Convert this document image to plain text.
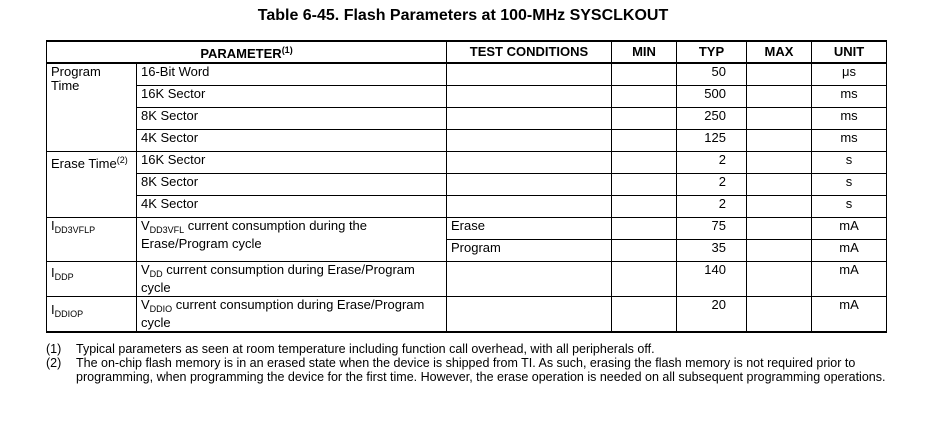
Table 6-45. Flash Parameters at 100-MHz SYSCLKOUT
PARAMETER$^{(1)}$		TEST CONDITIONS	MIN	TYP	MAX	UNIT
Program Time	16-Bit Word			50		μs
	16K Sector			500		ms
	8K Sector			250		ms
	4K Sector			125		ms
Erase Time$^{(2)}$	16K Sector			2		s
	8K Sector			2		s
	4K Sector			2		s
$I_{DD3VFLP}$	$V_{DD3VFL}$ current consumption during the Erase/Program cycle	Erase		75		mA
		Program		35		mA
$I_{DDP}$	$V_{DD}$ current consumption during Erase/Program cycle			140		mA
$I_{DDIOP}$	$V_{DDIO}$ current consumption during Erase/Program cycle			20		mA
(1)	Typical parameters as seen at room temperature including function call overhead, with all peripherals off.
(2)	The on-chip flash memory is in an erased state when the device is shipped from TI. As such, erasing the flash memory is not required prior to programming, when programming the device for the first time. However, the erase operation is needed on all subsequent programming operations.
